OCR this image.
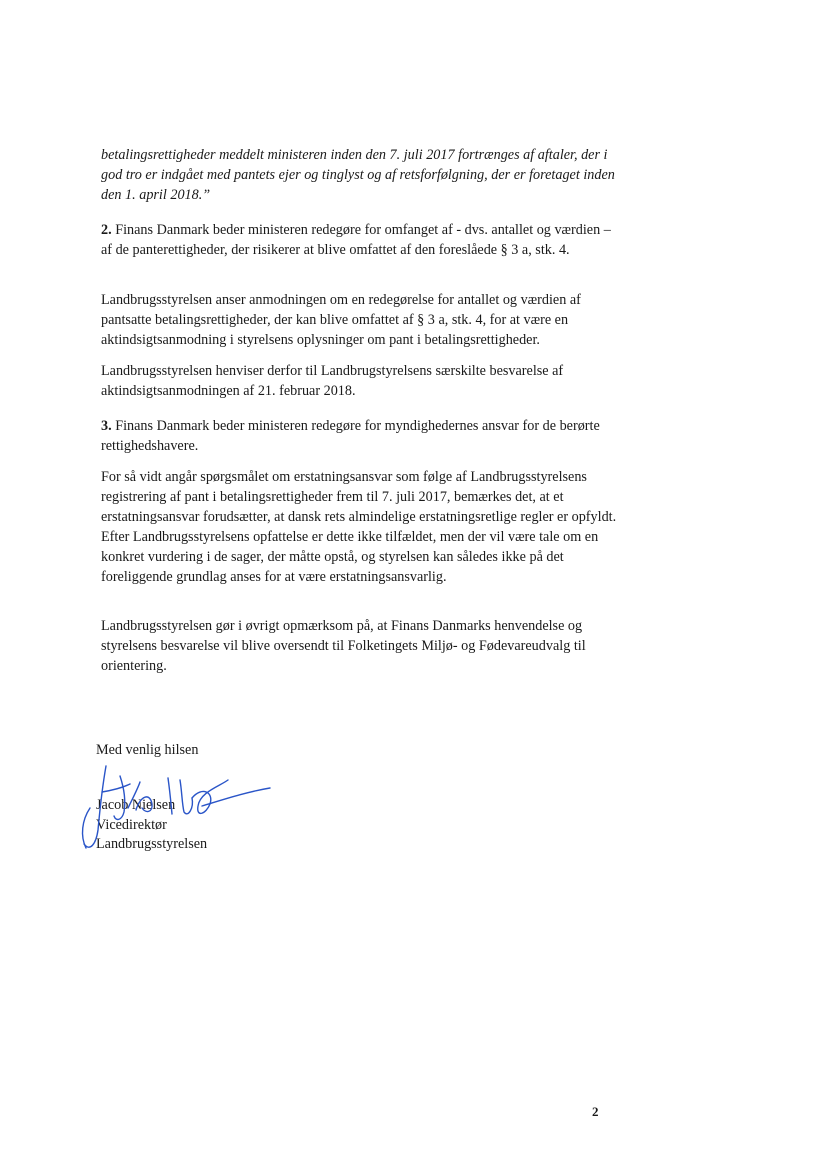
betalingsrettigheder meddelt ministeren inden den 7. juli 2017 fortrænges af aftaler, der i god tro er indgået med pantets ejer og tinglyst og af retsforfølgning, der er foretaget inden den 1. april 2018.”

2. Finans Danmark beder ministeren redegøre for omfanget af - dvs. antallet og værdien – af de panterettigheder, der risikerer at blive omfattet af den foreslåede § 3 a, stk. 4.

Landbrugsstyrelsen anser anmodningen om en redegørelse for antallet og værdien af pantsatte betalingsrettigheder, der kan blive omfattet af § 3 a, stk. 4, for at være en aktindsigtsanmodning i styrelsens oplysninger om pant i betalingsrettigheder.

Landbrugsstyrelsen henviser derfor til Landbrugstyrelsens særskilte besvarelse af aktindsigtsanmodningen af 21. februar 2018.

3. Finans Danmark beder ministeren redegøre for myndighedernes ansvar for de berørte rettighedshavere.

For så vidt angår spørgsmålet om erstatningsansvar som følge af Landbrugsstyrelsens registrering af pant i betalingsrettigheder frem til 7. juli 2017, bemærkes det, at et erstatningsansvar forudsætter, at dansk rets almindelige erstatningsretlige regler er opfyldt. Efter Landbrugsstyrelsens opfattelse er dette ikke tilfældet, men der vil være tale om en konkret vurdering i de sager, der måtte opstå, og styrelsen kan således ikke på det foreliggende grundlag anses for at være erstatningsansvarlig.

Landbrugsstyrelsen gør i øvrigt opmærksom på, at Finans Danmarks henvendelse og styrelsens besvarelse vil blive oversendt til Folketingets Miljø- og Fødevareudvalg til orientering.

Med venlig hilsen
Jacob Nielsen
Vicedirektør
Landbrugsstyrelsen
2
